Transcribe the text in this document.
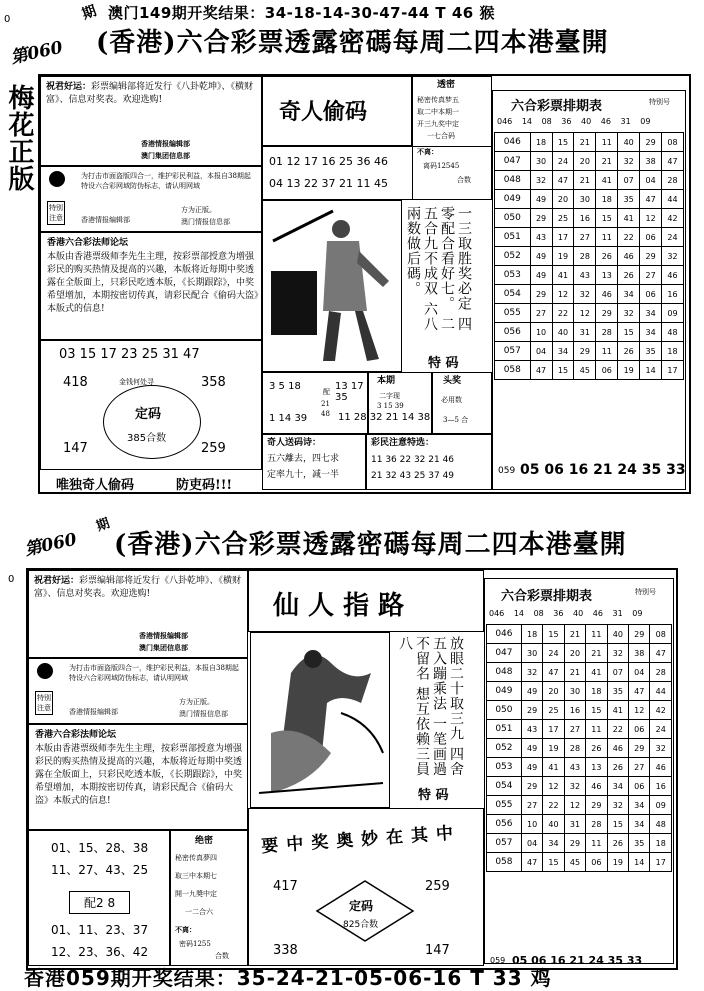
0	澳门149期开奖结果：34-18-14-30-47-44 T 46 猴
期
第060 (香港)六合彩票透露密碼每周二四本港臺開
梅花正版 祝君好运：彩票编辑部将近发行《八卦乾坤》、《横财富》、信息对奖表。欢迎选购!
香港情报编辑部
澳门集团信息部
特别
注意
为打击市面盗版四合一，维护彩民利益，本报自38期起特设六合彩网域防伪标志，请认明网域
香港情报编辑部
方为正版。
澳门情报信息部
香港六合彩法师论坛
本版由香港票级师李先生主理，按彩票部授意为增强彩民的购买热情及提高的兴趣，本版将近每期中奖透露在全版面上，只彩民吃透本版，《长期跟踪》，中奖希望增加，本期按密切传真，请彩民配合《偷码大盗》本版式的信息!
03 15 17 23 25 31 47
金钱何处寻
418	358
147	259
定码
385合数
唯独奇人偷码	防吏码!!!
奇人偷码
01 12 17 16 25 36 46
04 13 22 37 21 11 45
一三取胜奖必定 四零配合看好七。 二五合九不成双 六八兩数做后碼。
特 码
透密
秘密传真梦五
取二中本期一
开三九奖中定
一七合码
不离：
离码12545
合数
3 5 18
1 14 39
配
21
48
13 17 35
11 28 32 21 14 38
本期
二字现
3 15 39
头奖
必用数
3—5 合
奇人送码诗：
五六離去，四七求
定率九十，减一半
彩民注意特选：
11 36 22 32 21 46
21 32 43 25 37 49
六合彩票排期表	特别号
046 14 08 36 40 46 31 09
046	18	15	21	11	40	29	08
047	30	24	20	21	32	38	47
048	32	47	21	41	07	04	28
049	49	20	30	18	35	47	44
050	29	25	16	15	41	12	42
051	43	17	27	11	22	06	24
052	49	19	28	26	46	29	32
053	49	41	43	13	26	27	46
054	29	12	32	46	34	06	16
055	27	22	12	29	32	34	09
056	10	40	31	28	15	34	48
057	04	34	29	11	26	35	18
058	47	15	45	06	19	14	17
059 05 06 16 21 24 35 33
0
第060
期
(香港)六合彩票透露密碼每周二四本港臺開
祝君好运：彩票编辑部将近发行《八卦乾坤》、《横财富》、信息对奖表。欢迎选购!
香港情报编辑部
澳门集团信息部
特别
注意
为打击市面盗版四合一，维护彩民利益，本报自38期起特设六合彩网域防伪标志，请认明网域
香港情报编辑部
方为正版。
澳门情报信息部
香港六合彩法师论坛
本版由香港票级师李先生主理，按彩票部授意为增强彩民的购买热情及提高的兴趣，本版将近每期中奖透露在全版面上，只彩民吃透本版，《长期跟踪》，中奖希望增加，本期按密切传真，请彩民配合《偷码大盗》本版式的信息!
01、15、28、38
11、27、43、25
配2 8
01、11、23、37
12、23、36、42
绝密
秘密传真夢四
取三中本期七
開一九奬中定
一二合六
不离：
密码1255
合数
仙 人 指 路
放眼二十取三九 四舍五入蹦乘法 一笔画過不留名 想互依赖三員八
特 码
要中奖奥妙在其中
417	259
338	147
定码
825合数
六合彩票排期表	特别号
046 14 08 36 40 46 31 09
046	18	15	21	11	40	29	08
047	30	24	20	21	32	38	47
048	32	47	21	41	07	04	28
049	49	20	30	18	35	47	44
050	29	25	16	15	41	12	42
051	43	17	27	11	22	06	24
052	49	19	28	26	46	29	32
053	49	41	43	13	26	27	46
054	29	12	32	46	34	06	16
055	27	22	12	29	32	34	09
056	10	40	31	28	15	34	48
057	04	34	29	11	26	35	18
058	47	15	45	06	19	14	17
059 05 06 16 21 24 35 33
香港059期开奖结果：35-24-21-05-06-16 T 33 鸡
